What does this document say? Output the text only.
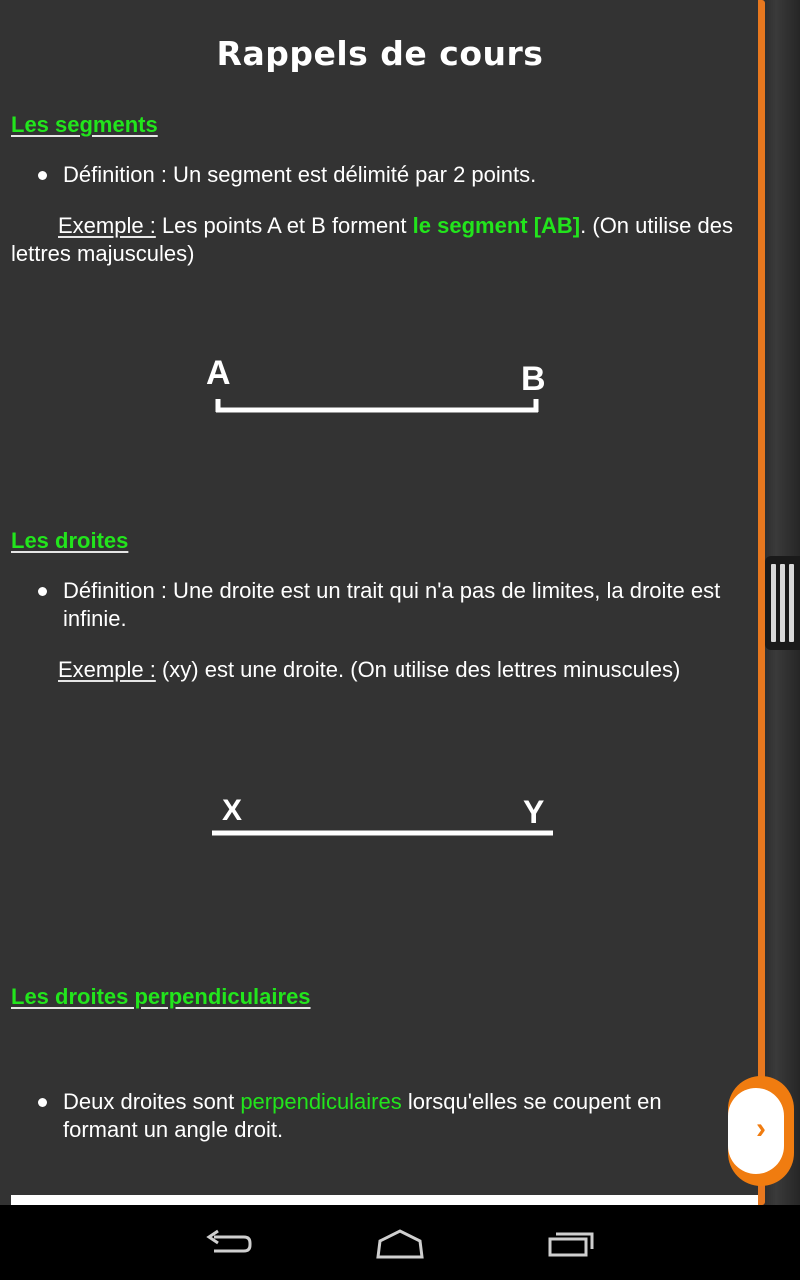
Rappels de cours
Les segments
Définition : Un segment est délimité par 2 points.
Exemple : Les points A et B forment le segment [AB]. (On utilise des lettres majuscules)
A	B
Les droites
Définition : Une droite est un trait qui n'a pas de limites, la droite est infinie.
Exemple : (xy) est une droite. (On utilise des lettres minuscules)
X	Y
Les droites perpendiculaires
Deux droites sont perpendiculaires lorsqu'elles se coupent en formant un angle droit.	›
